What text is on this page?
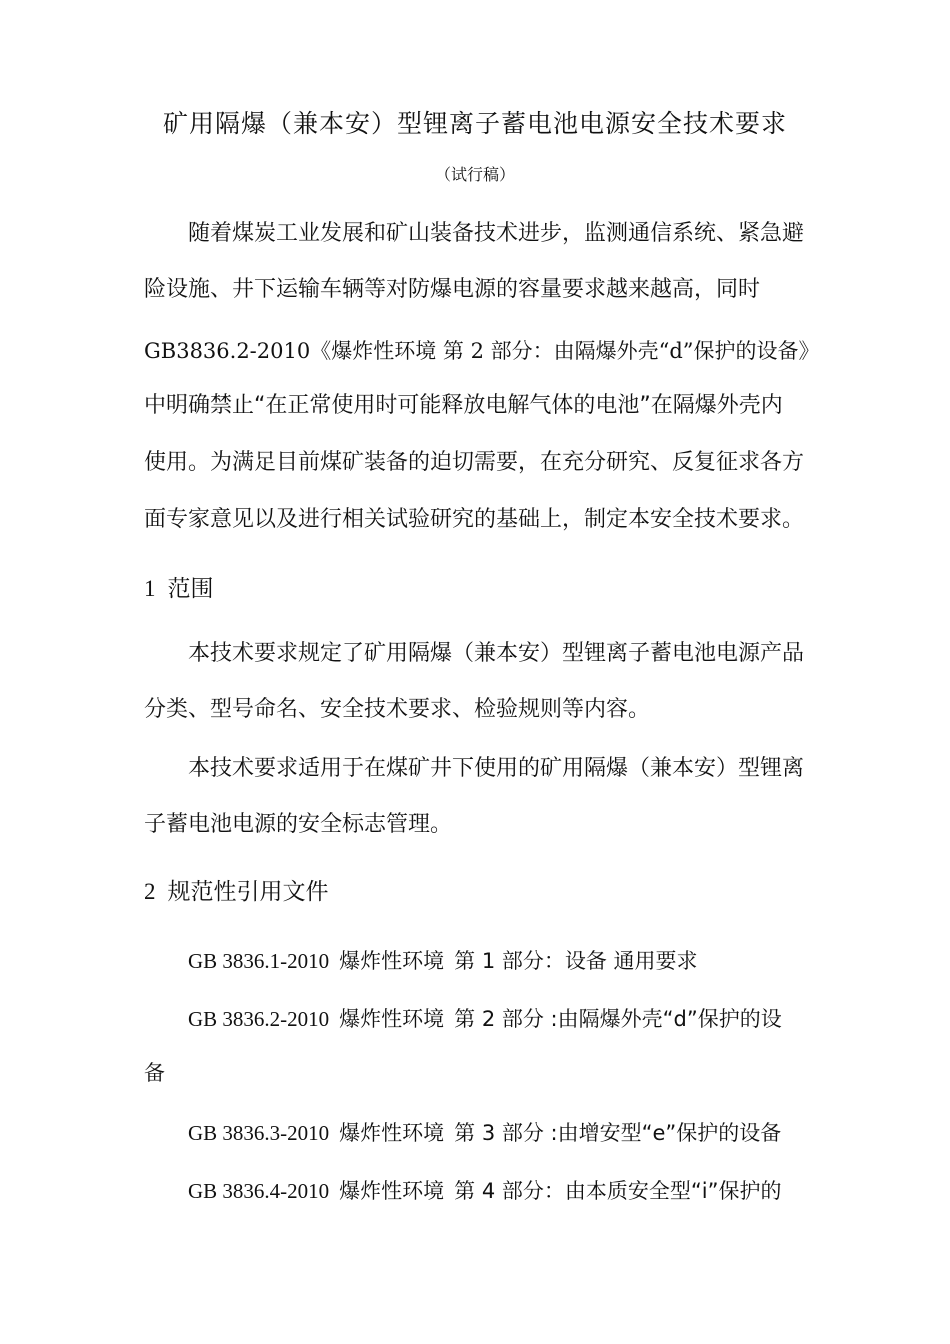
矿用隔爆（兼本安）型锂离子蓄电池电源安全技术要求
（试行稿）
随着煤炭工业发展和矿山装备技术进步，监测通信系统、紧急避
险设施、井下运输车辆等对防爆电源的容量要求越来越高，同时
GB3836.2-2010《爆炸性环境 第 2 部分：由隔爆外壳“d”保护的设备》
中明确禁止“在正常使用时可能释放电解气体的电池”在隔爆外壳内
使用。为满足目前煤矿装备的迫切需要，在充分研究、反复征求各方
面专家意见以及进行相关试验研究的基础上，制定本安全技术要求。
1 范围
本技术要求规定了矿用隔爆（兼本安）型锂离子蓄电池电源产品
分类、型号命名、安全技术要求、检验规则等内容。
本技术要求适用于在煤矿井下使用的矿用隔爆（兼本安）型锂离
子蓄电池电源的安全标志管理。
2 规范性引用文件
GB 3836.1-2010 爆炸性环境 第 1 部分：设备 通用要求
GB 3836.2-2010 爆炸性环境 第 2 部分 :由隔爆外壳“d”保护的设
备
GB 3836.3-2010 爆炸性环境 第 3 部分 :由增安型“e”保护的设备
GB 3836.4-2010 爆炸性环境 第 4 部分：由本质安全型“i”保护的
